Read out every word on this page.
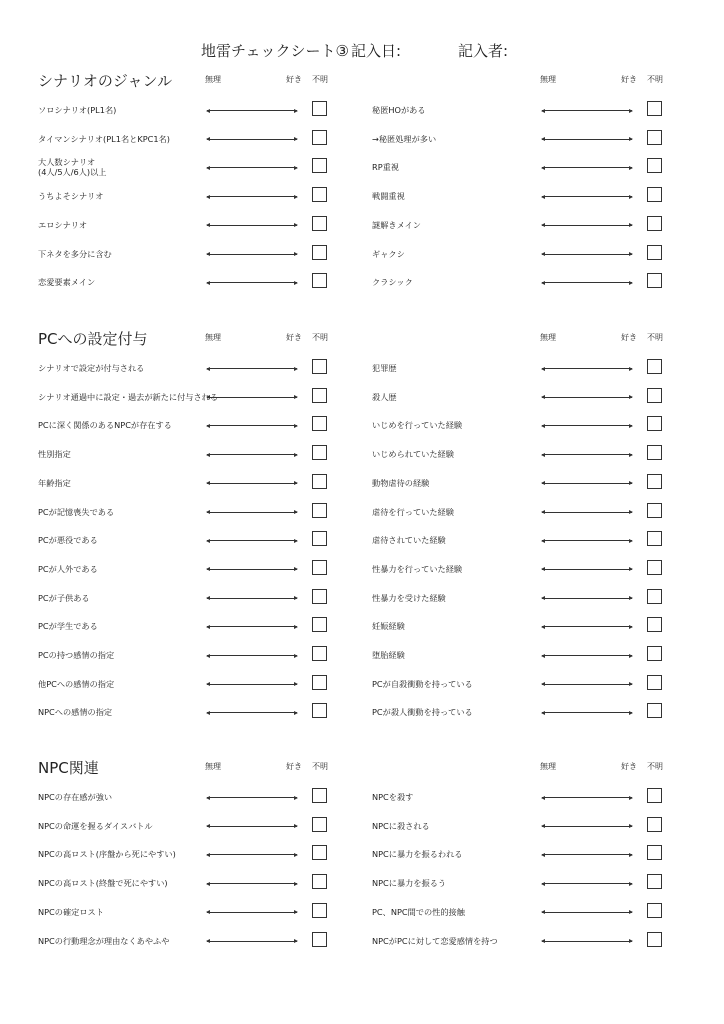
地雷チェックシート③ 記入日:	記入者:
シナリオのジャンル	無理	好き 不明
ソロシナリオ(PL1名)
タイマンシナリオ(PL1名とKPC1名)
大人数シナリオ
(4人/5人/6人)以上
うちよそシナリオ
エロシナリオ
下ネタを多分に含む
恋愛要素メイン
無理	好き 不明
秘匿HOがある
→秘匿処理が多い
RP重視
戦闘重視
謎解きメイン
ギャクシ
クラシック
PCへの設定付与	無理	好き 不明
シナリオで設定が付与される
シナリオ通過中に設定・過去が新たに付与される
PCに深く関係のあるNPCが存在する
性別指定
年齢指定
PCが記憶喪失である
PCが悪役である
PCが人外である
PCが子供ある
PCが学生である
PCの持つ感情の指定
他PCへの感情の指定
NPCへの感情の指定
無理	好き 不明
犯罪歴
殺人歴
いじめを行っていた経験
いじめられていた経験
動物虐待の経験
虐待を行っていた経験
虐待されていた経験
性暴力を行っていた経験
性暴力を受けた経験
妊娠経験
堕胎経験
PCが自殺衝動を持っている
PCが殺人衝動を持っている
NPC関連	無理	好き 不明
NPCの存在感が強い
NPCの命運を握るダイスバトル
NPCの高ロスト(序盤から死にやすい)
NPCの高ロスト(終盤で死にやすい)
NPCの確定ロスト
NPCの行動理念が理由なくあやふや
無理	好き 不明
NPCを殺す
NPCに殺される
NPCに暴力を振るわれる
NPCに暴力を振るう
PC、NPC間での性的接触
NPCがPCに対して恋愛感情を持つ
